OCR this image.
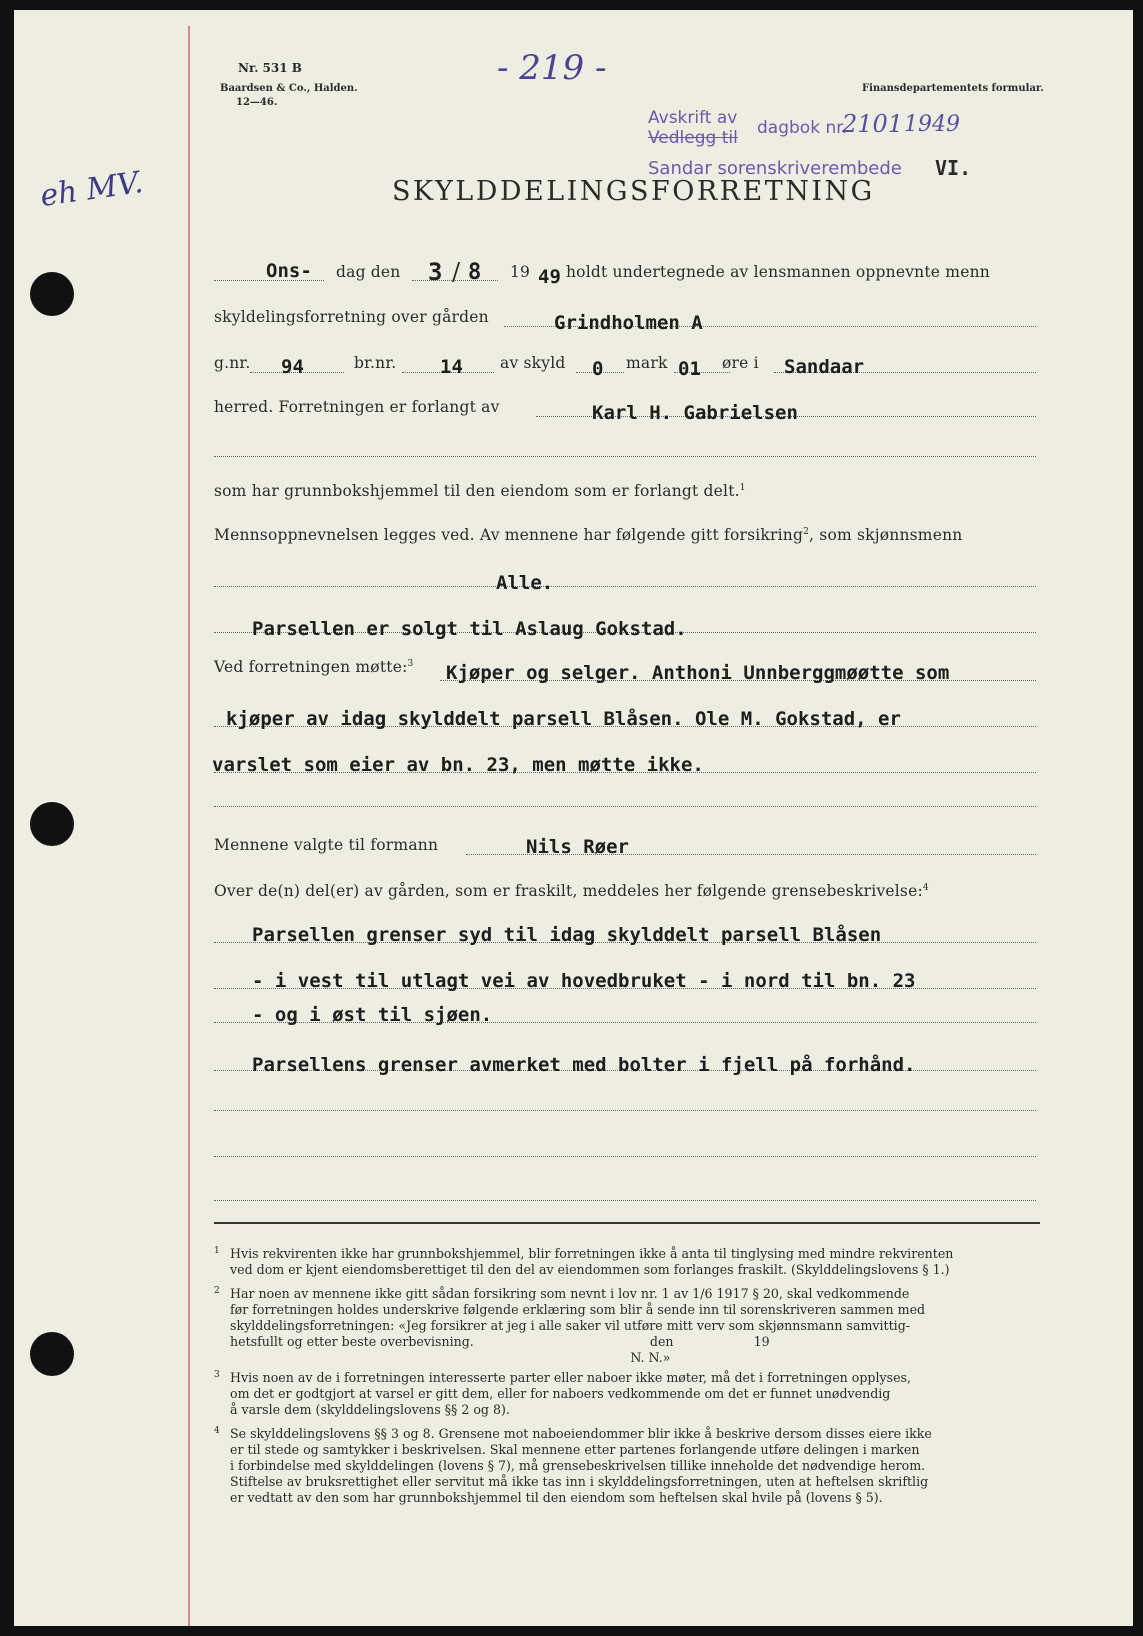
Nr. 531 B
Baardsen & Co., Halden.
12—46.
- 219 -
Finansdepartementets formular.
Avskrift av
Vedlegg til dagbok nr.
2101 1949
Sandar sorenskriverembede VI.
eh MV.	SKYLDDELINGSFORRETNING
Ons- dag den 3 / 8 19 49 holdt undertegnede av lensmannen oppnevnte menn
skyldelingsforretning over gården	Grindholmen A
g.nr. 94	br.nr. 14 av skyld 0 mark 01 øre i Sandaar
herred. Forretningen er forlangt av	Karl H. Gabrielsen
som har grunnbokshjemmel til den eiendom som er forlangt delt.$^1$
Mennsoppnevnelsen legges ved. Av mennene har følgende gitt forsikring$^2$, som skjønnsmenn
Alle.
Parsellen er solgt til Aslaug Gokstad.
Ved forretningen møtte:$^3$ Kjøper og selger. Anthoni Unnberggmøøtte som
kjøper av idag skylddelt parsell Blåsen. Ole M. Gokstad, er
varslet som eier av bn. 23, men møtte ikke.
Mennene valgte til formann	Nils Røer
Over de(n) del(er) av gården, som er fraskilt, meddeles her følgende grensebeskrivelse:$^4$
Parsellen grenser syd til idag skylddelt parsell Blåsen
- i vest til utlagt vei av hovedbruket - i nord til bn. 23
- og i øst til sjøen.
Parsellens grenser avmerket med bolter i fjell på forhånd.
1 Hvis rekvirenten ikke har grunnbokshjemmel, blir forretningen ikke å anta til tinglysing med mindre rekvirenten
ved dom er kjent eiendomsberettiget til den del av eiendommen som forlanges fraskilt. (Skylddelingslovens § 1.)
2 Har noen av mennene ikke gitt sådan forsikring som nevnt i lov nr. 1 av 1/6 1917 § 20, skal vedkommende
før forretningen holdes underskrive følgende erklæring som blir å sende inn til sorenskriveren sammen med
skylddelingsforretningen: «Jeg forsikrer at jeg i alle saker vil utføre mitt verv som skjønnsmann samvittig-
hetsfullt og etter beste overbevisning.                                            den                    19
N. N.»
3 Hvis noen av de i forretningen interesserte parter eller naboer ikke møter, må det i forretningen opplyses,
om det er godtgjort at varsel er gitt dem, eller for naboers vedkommende om det er funnet unødvendig
å varsle dem (skylddelingslovens §§ 2 og 8).
4 Se skylddelingslovens §§ 3 og 8. Grensene mot naboeiendommer blir ikke å beskrive dersom disses eiere ikke
er til stede og samtykker i beskrivelsen. Skal mennene etter partenes forlangende utføre delingen i marken
i forbindelse med skylddelingen (lovens § 7), må grensebeskrivelsen tillike inneholde det nødvendige herom.
Stiftelse av bruksrettighet eller servitut må ikke tas inn i skylddelingsforretningen, uten at heftelsen skriftlig
er vedtatt av den som har grunnbokshjemmel til den eiendom som heftelsen skal hvile på (lovens § 5).
